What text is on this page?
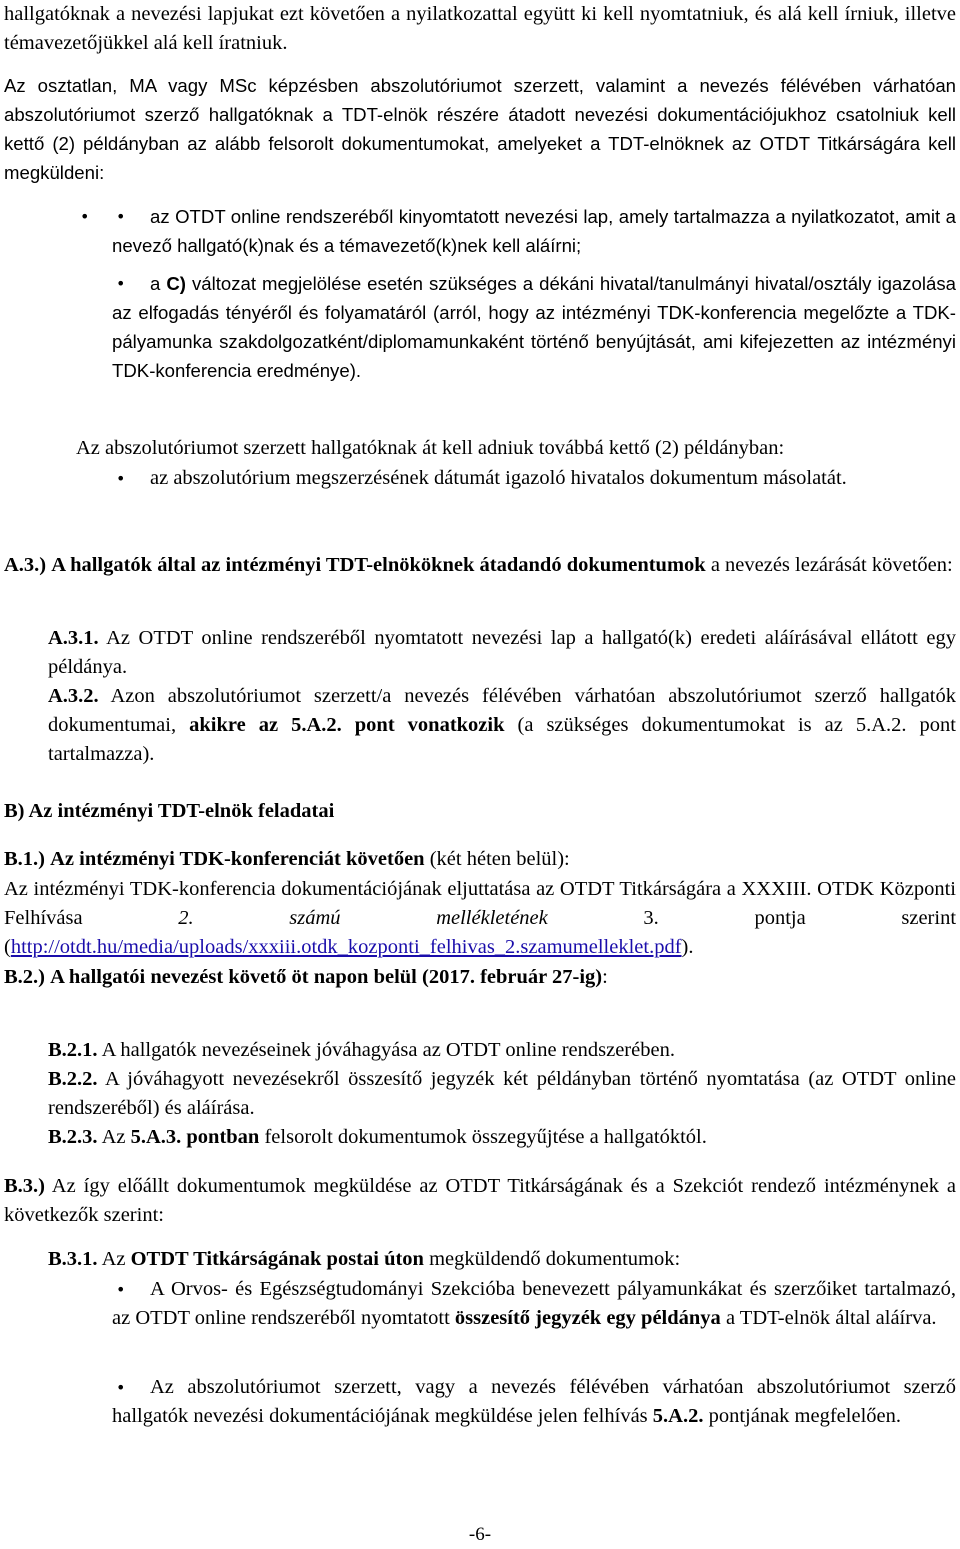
hallgatóknak a nevezési lapjukat ezt követően a nyilatkozattal együtt ki kell nyomtatniuk, és alá kell írniuk, illetve témavezetőjükkel alá kell íratniuk.

Az osztatlan, MA vagy MSc képzésben abszolutóriumot szerzett, valamint a nevezés félévében várhatóan abszolutóriumot szerző hallgatóknak a TDT-elnök részére átadott nevezési dokumentációjukhoz csatolniuk kell kettő (2) példányban az alább felsorolt dokumentumokat, amelyeket a TDT-elnöknek az OTDT Titkárságára kell megküldeni:

az OTDT online rendszeréből kinyomtatott nevezési lap, amely tartalmazza a nyilatkozatot, amit a nevező hallgató(k)nak és a témavezető(k)nek kell aláírni;

a C) változat megjelölése esetén szükséges a dékáni hivatal/tanulmányi hivatal/osztály igazolása az elfogadás tényéről és folyamatáról (arról, hogy az intézményi TDK-konferencia megelőzte a TDK-pályamunka szakdolgozatként/diplomamunkaként történő benyújtását, ami kifejezetten az intézményi TDK-konferencia eredménye).

Az abszolutóriumot szerzett hallgatóknak át kell adniuk továbbá kettő (2) példányban:

az abszolutórium megszerzésének dátumát igazoló hivatalos dokumentum másolatát.

A.3.) A hallgatók által az intézményi TDT-elnököknek átadandó dokumentumok a nevezés lezárását követően:

A.3.1. Az OTDT online rendszeréből nyomtatott nevezési lap a hallgató(k) eredeti aláírásával ellátott egy példánya.

A.3.2. Azon abszolutóriumot szerzett/a nevezés félévében várhatóan abszolutóriumot szerző hallgatók dokumentumai, akikre az 5.A.2. pont vonatkozik (a szükséges dokumentumokat is az 5.A.2. pont tartalmazza).

B) Az intézményi TDT-elnök feladatai

B.1.) Az intézményi TDK-konferenciát követően (két héten belül):

Az intézményi TDK-konferencia dokumentációjának eljuttatása az OTDT Titkárságára a XXXIII. OTDK Központi Felhívása	2. számú mellékletének	3. pontja szerint (http://otdt.hu/media/uploads/xxxiii.otdk_kozponti_felhivas_2.szamumelleklet.pdf).

B.2.) A hallgatói nevezést követő öt napon belül (2017. február 27-ig):

B.2.1. A hallgatók nevezéseinek jóváhagyása az OTDT online rendszerében.

B.2.2. A jóváhagyott nevezésekről összesítő jegyzék két példányban történő nyomtatása (az OTDT online rendszeréből) és aláírása.

B.2.3. Az 5.A.3. pontban felsorolt dokumentumok összegyűjtése a hallgatóktól.

B.3.) Az így előállt dokumentumok megküldése az OTDT Titkárságának és a Szekciót rendező intézménynek a következők szerint:

B.3.1. Az OTDT Titkárságának postai úton megküldendő dokumentumok:

A Orvos- és Egészségtudományi Szekcióba benevezett pályamunkákat és szerzőiket tartalmazó, az OTDT online rendszeréből nyomtatott összesítő jegyzék egy példánya a TDT-elnök által aláírva.

Az abszolutóriumot szerzett, vagy a nevezés félévében várhatóan abszolutóriumot szerző hallgatók nevezési dokumentációjának megküldése jelen felhívás 5.A.2. pontjának megfelelően.

-6-
